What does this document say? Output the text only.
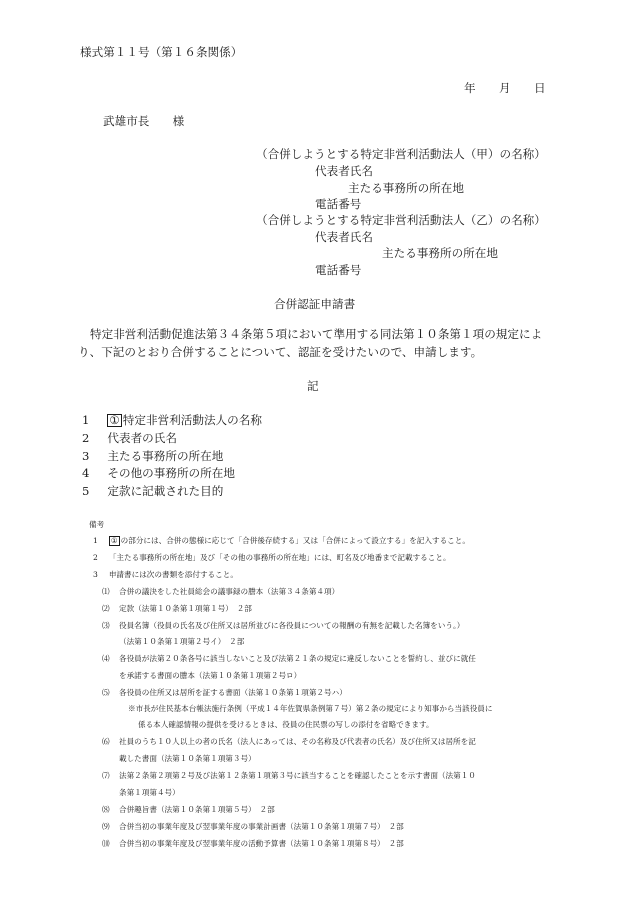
様式第１１号（第１６条関係）
年 月 日
武雄市長　　様
（合併しようとする特定非営利活動法人（甲）の名称）
代表者氏名
主たる事務所の所在地
電話番号
（合併しようとする特定非営利活動法人（乙）の名称）
代表者氏名
主たる事務所の所在地
電話番号
合併認証申請書
特定非営利活動促進法第３４条第５項において準用する同法第１０条第１項の規定によ
り、下記のとおり合併することについて、認証を受けたいので、申請します。
記
1 ① 特定非営利活動法人の名称
2 代表者の氏名
3 主たる事務所の所在地
4 その他の事務所の所在地
5 定款に記載された目的
備考
1 ① の部分には、合併の態様に応じて「合併後存続する」又は「合併によって設立する」を記入すること。
2 「主たる事務所の所在地」及び「その他の事務所の所在地」には、町名及び地番まで記載すること。
3 申請書には次の書類を添付すること。
⑴ 合併の議決をした社員総会の議事録の謄本（法第３４条第４項）
⑵ 定款（法第１０条第１項第１号）　２部
⑶ 役員名簿（役員の氏名及び住所又は居所並びに各役員についての報酬の有無を記載した名簿をいう。）
（法第１０条第１項第２号イ）　２部
⑷ 各役員が法第２０条各号に該当しないこと及び法第２１条の規定に違反しないことを誓約し、並びに就任
を承諾する書面の謄本（法第１０条第１項第２号ロ）
⑸ 各役員の住所又は居所を証する書面（法第１０条第１項第２号ハ）
※市長が住民基本台帳法施行条例（平成１４年佐賀県条例第７号）第２条の規定により知事から当該役員に
係る本人確認情報の提供を受けるときは、役員の住民票の写しの添付を省略できます。
⑹ 社員のうち１０人以上の者の氏名（法人にあっては、その名称及び代表者の氏名）及び住所又は居所を記
載した書面（法第１０条第１項第３号）
⑺ 法第２条第２項第２号及び法第１２条第１項第３号に該当することを確認したことを示す書面（法第１０
条第１項第４号）
⑻ 合併趣旨書（法第１０条第１項第５号）　２部
⑼ 合併当初の事業年度及び翌事業年度の事業計画書（法第１０条第１項第７号）　２部
⑽ 合併当初の事業年度及び翌事業年度の活動予算書（法第１０条第１項第８号）　２部
